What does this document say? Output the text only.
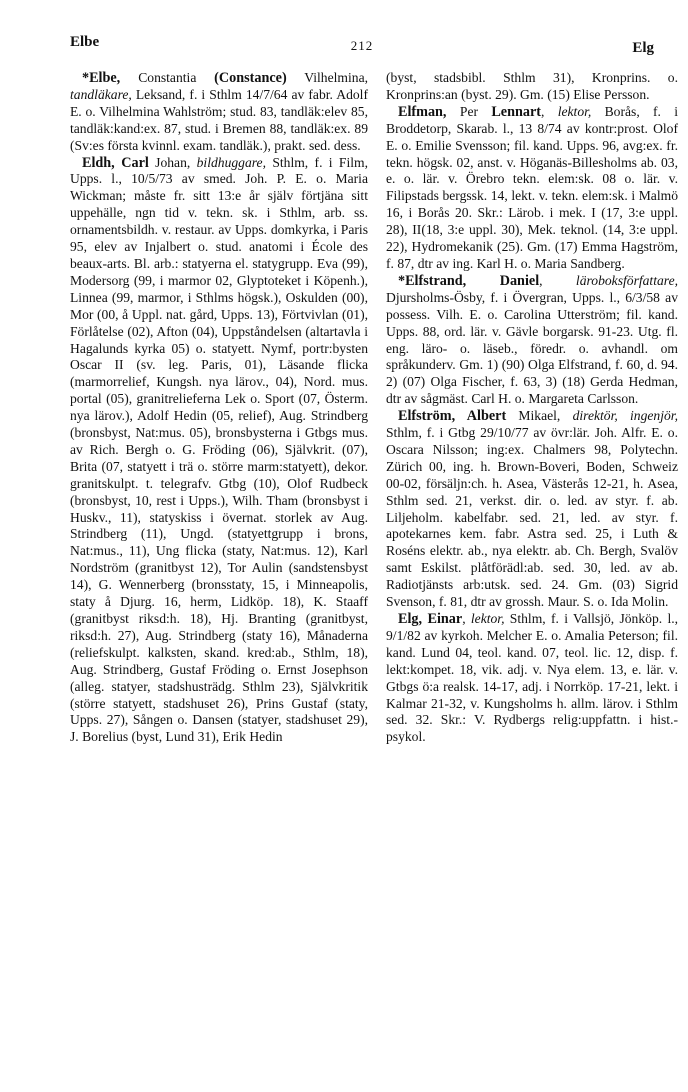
Elbe	212	Elg

*Elbe, Constantia (Constance) Vilhelmina, tandläkare, Leksand, f. i Sthlm 14/7/64 av fabr. Adolf E. o. Vilhelmina Wahlström; stud. 83, tandläk:elev 85, tandläk:kand:ex. 87, stud. i Bremen 88, tandläk:ex. 89 (Sv:es första kvinnl. exam. tandläk.), prakt. sed. dess.

Eldh, Carl Johan, bildhuggare, Sthlm, f. i Film, Upps. l., 10/5/73 av smed. Joh. P. E. o. Maria Wickman; måste fr. sitt 13:e år själv förtjäna sitt uppehälle, ngn tid v. tekn. sk. i Sthlm, arb. ss. ornamentsbildh. v. restaur. av Upps. domkyrka, i Paris 95, elev av Injalbert o. stud. anatomi i École des beaux-arts. Bl. arb.: statyerna el. statygrupp. Eva (99), Modersorg (99, i marmor 02, Glyptoteket i Köpenh.), Linnea (99, marmor, i Sthlms högsk.), Oskulden (00), Mor (00, å Uppl. nat. gård, Upps. 13), Förtvivlan (01), Förlåtelse (02), Afton (04), Uppståndelsen (altartavla i Hagalunds kyrka 05) o. statyett. Nymf, portr:bysten Oscar II (sv. leg. Paris, 01), Läsande flicka (marmorrelief, Kungsh. nya lärov., 04), Nord. mus. portal (05), granitrelieferna Lek o. Sport (07, Österm. nya lärov.), Adolf Hedin (05, relief), Aug. Strindberg (bronsbyst, Nat:mus. 05), bronsbysterna i Gtbgs mus. av Rich. Bergh o. G. Fröding (06), Självkrit. (07), Brita (07, statyett i trä o. större marm:statyett), dekor. granitskulpt. t. telegrafv. Gtbg (10), Olof Rudbeck (bronsbyst, 10, rest i Upps.), Wilh. Tham (bronsbyst i Huskv., 11), statyskiss i övernat. storlek av Aug. Strindberg (11), Ungd. (statyettgrupp i brons, Nat:mus., 11), Ung flicka (staty, Nat:mus. 12), Karl Nordström (granitbyst 12), Tor Aulin (sandstensbyst 14), G. Wennerberg (bronsstaty, 15, i Minneapolis, staty å Djurg. 16, herm, Lidköp. 18), K. Staaff (granitbyst riksd:h. 18), Hj. Branting (granitbyst, riksd:h. 27), Aug. Strindberg (staty 16), Månaderna (reliefskulpt. kalksten, skand. kred:ab., Sthlm, 18), Aug. Strindberg, Gustaf Fröding o. Ernst Josephson (alleg. statyer, stadshusträdg. Sthlm 23), Självkritik (större statyett, stadshuset 26), Prins Gustaf (staty, Upps. 27), Sången o. Dansen (statyer, stadshuset 29), J. Borelius (byst, Lund 31), Erik Hedin

(byst, stadsbibl. Sthlm 31), Kronprins. o. Kronprins:an (byst. 29). Gm. (15) Elise Persson.

Elfman, Per Lennart, lektor, Borås, f. i Broddetorp, Skarab. l., 13 8/74 av kontr:prost. Olof E. o. Emilie Svensson; fil. kand. Upps. 96, avg:ex. fr. tekn. högsk. 02, anst. v. Höganäs-Billesholms ab. 03, e. o. lär. v. Örebro tekn. elem:sk. 08 o. lär. v. Filipstads bergssk. 14, lekt. v. tekn. elem:sk. i Malmö 16, i Borås 20. Skr.: Lärob. i mek. I (17, 3:e uppl. 28), II(18, 3:e uppl. 30), Mek. teknol. (14, 3:e uppl. 22), Hydromekanik (25). Gm. (17) Emma Hagström, f. 87, dtr av ing. Karl H. o. Maria Sandberg.

*Elfstrand, Daniel, läroboksförfattare, Djursholms-Ösby, f. i Övergran, Upps. l., 6/3/58 av possess. Vilh. E. o. Carolina Utterström; fil. kand. Upps. 88, ord. lär. v. Gävle borgarsk. 91-23. Utg. fl. eng. läro- o. läseb., föredr. o. avhandl. om språkunderv. Gm. 1) (90) Olga Elfstrand, f. 60, d. 94. 2) (07) Olga Fischer, f. 63, 3) (18) Gerda Hedman, dtr av sågmäst. Carl H. o. Margareta Carlsson.

Elfström, Albert Mikael, direktör, ingenjör, Sthlm, f. i Gtbg 29/10/77 av övr:lär. Joh. Alfr. E. o. Oscara Nilsson; ing:ex. Chalmers 98, Polytechn. Zürich 00, ing. h. Brown-Boveri, Boden, Schweiz 00-02, försäljn:ch. h. Asea, Västerås 12-21, h. Asea, Sthlm sed. 21, verkst. dir. o. led. av styr. f. ab. Liljeholm. kabelfabr. sed. 21, led. av styr. f. apotekarnes kem. fabr. Astra sed. 25, i Luth & Roséns elektr. ab., nya elektr. ab. Ch. Bergh, Svalöv samt Eskilst. plåtförädl:ab. sed. 30, led. av ab. Radiotjänsts arb:utsk. sed. 24. Gm. (03) Sigrid Svenson, f. 81, dtr av grossh. Maur. S. o. Ida Molin.

Elg, Einar, lektor, Sthlm, f. i Vallsjö, Jönköp. l., 9/1/82 av kyrkoh. Melcher E. o. Amalia Peterson; fil. kand. Lund 04, teol. kand. 07, teol. lic. 12, disp. f. lekt:kompet. 18, vik. adj. v. Nya elem. 13, e. lär. v. Gtbgs ö:a realsk. 14-17, adj. i Norrköp. 17-21, lekt. i Kalmar 21-32, v. Kungsholms h. allm. lärov. i Sthlm sed. 32. Skr.: V. Rydbergs relig:uppfattn. i hist.-psykol.
